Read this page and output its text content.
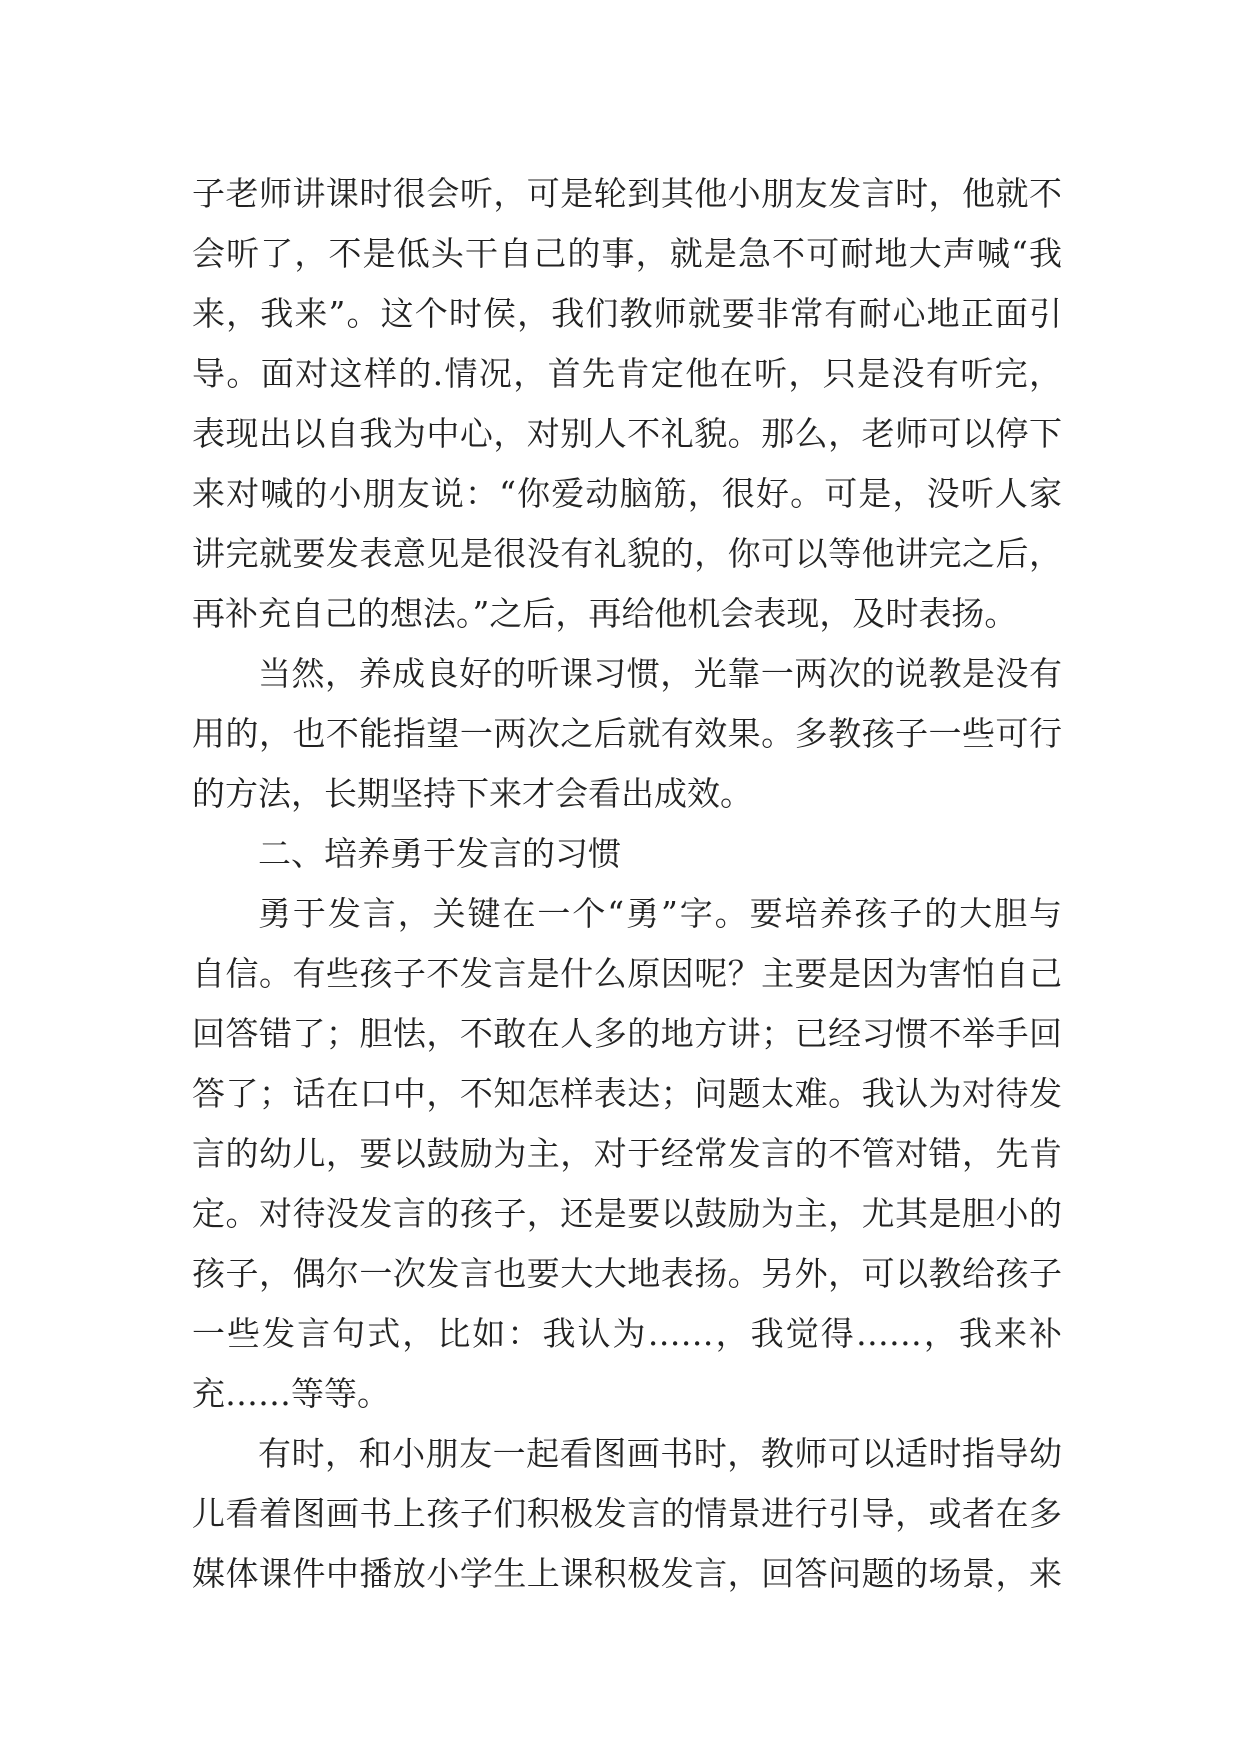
子老师讲课时很会听，可是轮到其他小朋友发言时，他就不
会听了，不是低头干自己的事，就是急不可耐地大声喊“我
来，我来”。这个时侯，我们教师就要非常有耐心地正面引
导。面对这样的.情况，首先肯定他在听，只是没有听完，
表现出以自我为中心，对别人不礼貌。那么，老师可以停下
来对喊的小朋友说：“你爱动脑筋，很好。可是，没听人家
讲完就要发表意见是很没有礼貌的，你可以等他讲完之后，
再补充自己的想法。”之后，再给他机会表现，及时表扬。
当然，养成良好的听课习惯，光靠一两次的说教是没有
用的，也不能指望一两次之后就有效果。多教孩子一些可行
的方法，长期坚持下来才会看出成效。
二、培养勇于发言的习惯
勇于发言，关键在一个“勇”字。要培养孩子的大胆与
自信。有些孩子不发言是什么原因呢？主要是因为害怕自己
回答错了；胆怯，不敢在人多的地方讲；已经习惯不举手回
答了；话在口中，不知怎样表达；问题太难。我认为对待发
言的幼儿，要以鼓励为主，对于经常发言的不管对错，先肯
定。对待没发言的孩子，还是要以鼓励为主，尤其是胆小的
孩子，偶尔一次发言也要大大地表扬。另外，可以教给孩子
一些发言句式，比如：我认为……，我觉得……，我来补
充……等等。
有时，和小朋友一起看图画书时，教师可以适时指导幼
儿看着图画书上孩子们积极发言的情景进行引导，或者在多
媒体课件中播放小学生上课积极发言，回答问题的场景，来
